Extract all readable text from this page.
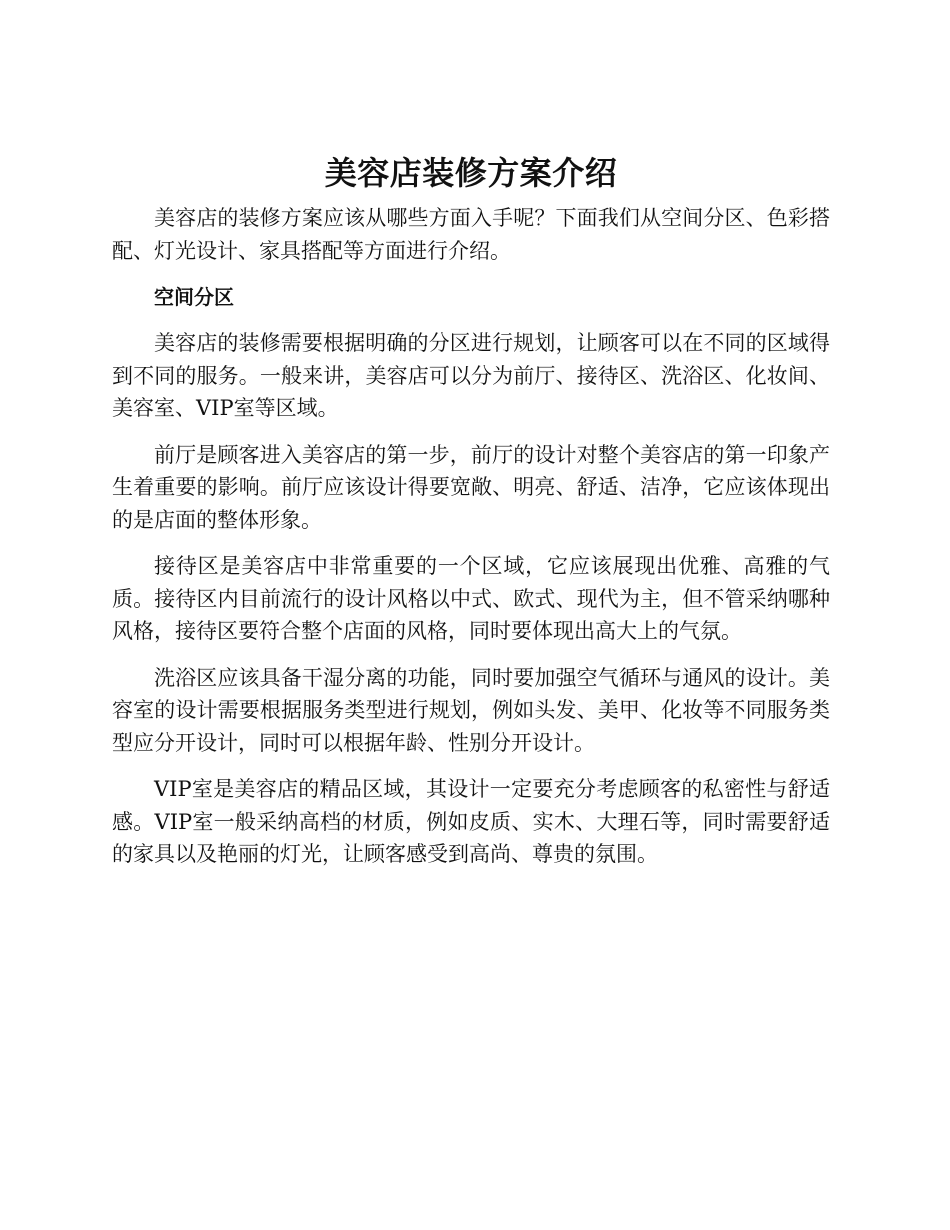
美容店装修方案介绍

美容店的装修方案应该从哪些方面入手呢？下面我们从空间分区、色彩搭配、灯光设计、家具搭配等方面进行介绍。

空间分区

美容店的装修需要根据明确的分区进行规划，让顾客可以在不同的区域得到不同的服务。一般来讲，美容店可以分为前厅、接待区、洗浴区、化妆间、美容室、VIP室等区域。

前厅是顾客进入美容店的第一步，前厅的设计对整个美容店的第一印象产生着重要的影响。前厅应该设计得要宽敞、明亮、舒适、洁净，它应该体现出的是店面的整体形象。

接待区是美容店中非常重要的一个区域，它应该展现出优雅、高雅的气质。接待区内目前流行的设计风格以中式、欧式、现代为主，但不管采纳哪种风格，接待区要符合整个店面的风格，同时要体现出高大上的气氛。

洗浴区应该具备干湿分离的功能，同时要加强空气循环与通风的设计。美容室的设计需要根据服务类型进行规划，例如头发、美甲、化妆等不同服务类型应分开设计，同时可以根据年龄、性别分开设计。

VIP室是美容店的精品区域，其设计一定要充分考虑顾客的私密性与舒适感。VIP室一般采纳高档的材质，例如皮质、实木、大理石等，同时需要舒适的家具以及艳丽的灯光，让顾客感受到高尚、尊贵的氛围。
